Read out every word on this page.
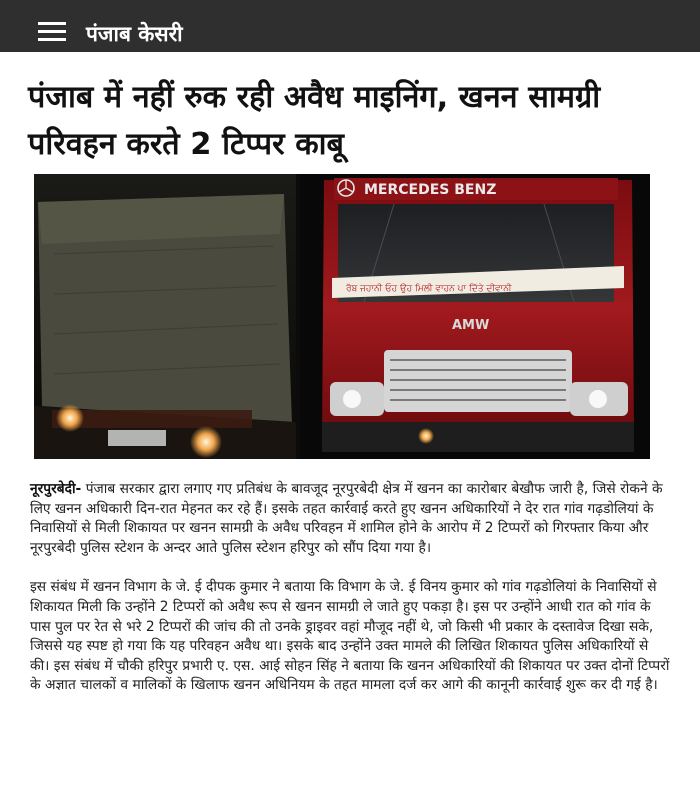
पंजाब केसरी
पंजाब में नहीं रुक रही अवैध माइनिंग, खनन सामग्री परिवहन करते 2 टिप्पर काबू
MERCEDES BENZ
ਰੱਬ ਜਹਾਨੀ ਓਹ ਉਹ ਮਿਲੀ ਵਾਹਨ ਪਾ ਦਿੱਤੇ ਦੀਵਾਨੀ
AMW

नूरपुरबेदी- पंजाब सरकार द्वारा लगाए गए प्रतिबंध के बावजूद नूरपुरबेदी क्षेत्र में खनन का कारोबार बेखौफ जारी है, जिसे रोकने के लिए खनन अधिकारी दिन-रात मेहनत कर रहे हैं। इसके तहत कार्रवाई करते हुए खनन अधिकारियों ने देर रात गांव गढ़डोलियां के निवासियों से मिली शिकायत पर खनन सामग्री के अवैध परिवहन में शामिल होने के आरोप में 2 टिप्परों को गिरफ्तार किया और नूरपुरबेदी पुलिस स्टेशन के अन्दर आते पुलिस स्टेशन हरिपुर को सौंप दिया गया है।

इस संबंध में खनन विभाग के जे. ई दीपक कुमार ने बताया कि विभाग के जे. ई विनय कुमार को गांव गढ़डोलियां के निवासियों से शिकायत मिली कि उन्होंने 2 टिप्परों को अवैध रूप से खनन सामग्री ले जाते हुए पकड़ा है। इस पर उन्होंने आधी रात को गांव के पास पुल पर रेत से भरे 2 टिप्परों की जांच की तो उनके ड्राइवर वहां मौजूद नहीं थे, जो किसी भी प्रकार के दस्तावेज दिखा सके, जिससे यह स्पष्ट हो गया कि यह परिवहन अवैध था। इसके बाद उन्होंने उक्त मामले की लिखित शिकायत पुलिस अधिकारियों से की। इस संबंध में चौकी हरिपुर प्रभारी ए. एस. आई सोहन सिंह ने बताया कि खनन अधिकारियों की शिकायत पर उक्त दोनों टिप्परों के अज्ञात चालकों व मालिकों के खिलाफ खनन अधिनियम के तहत मामला दर्ज कर आगे की कानूनी कार्रवाई शुरू कर दी गई है।
